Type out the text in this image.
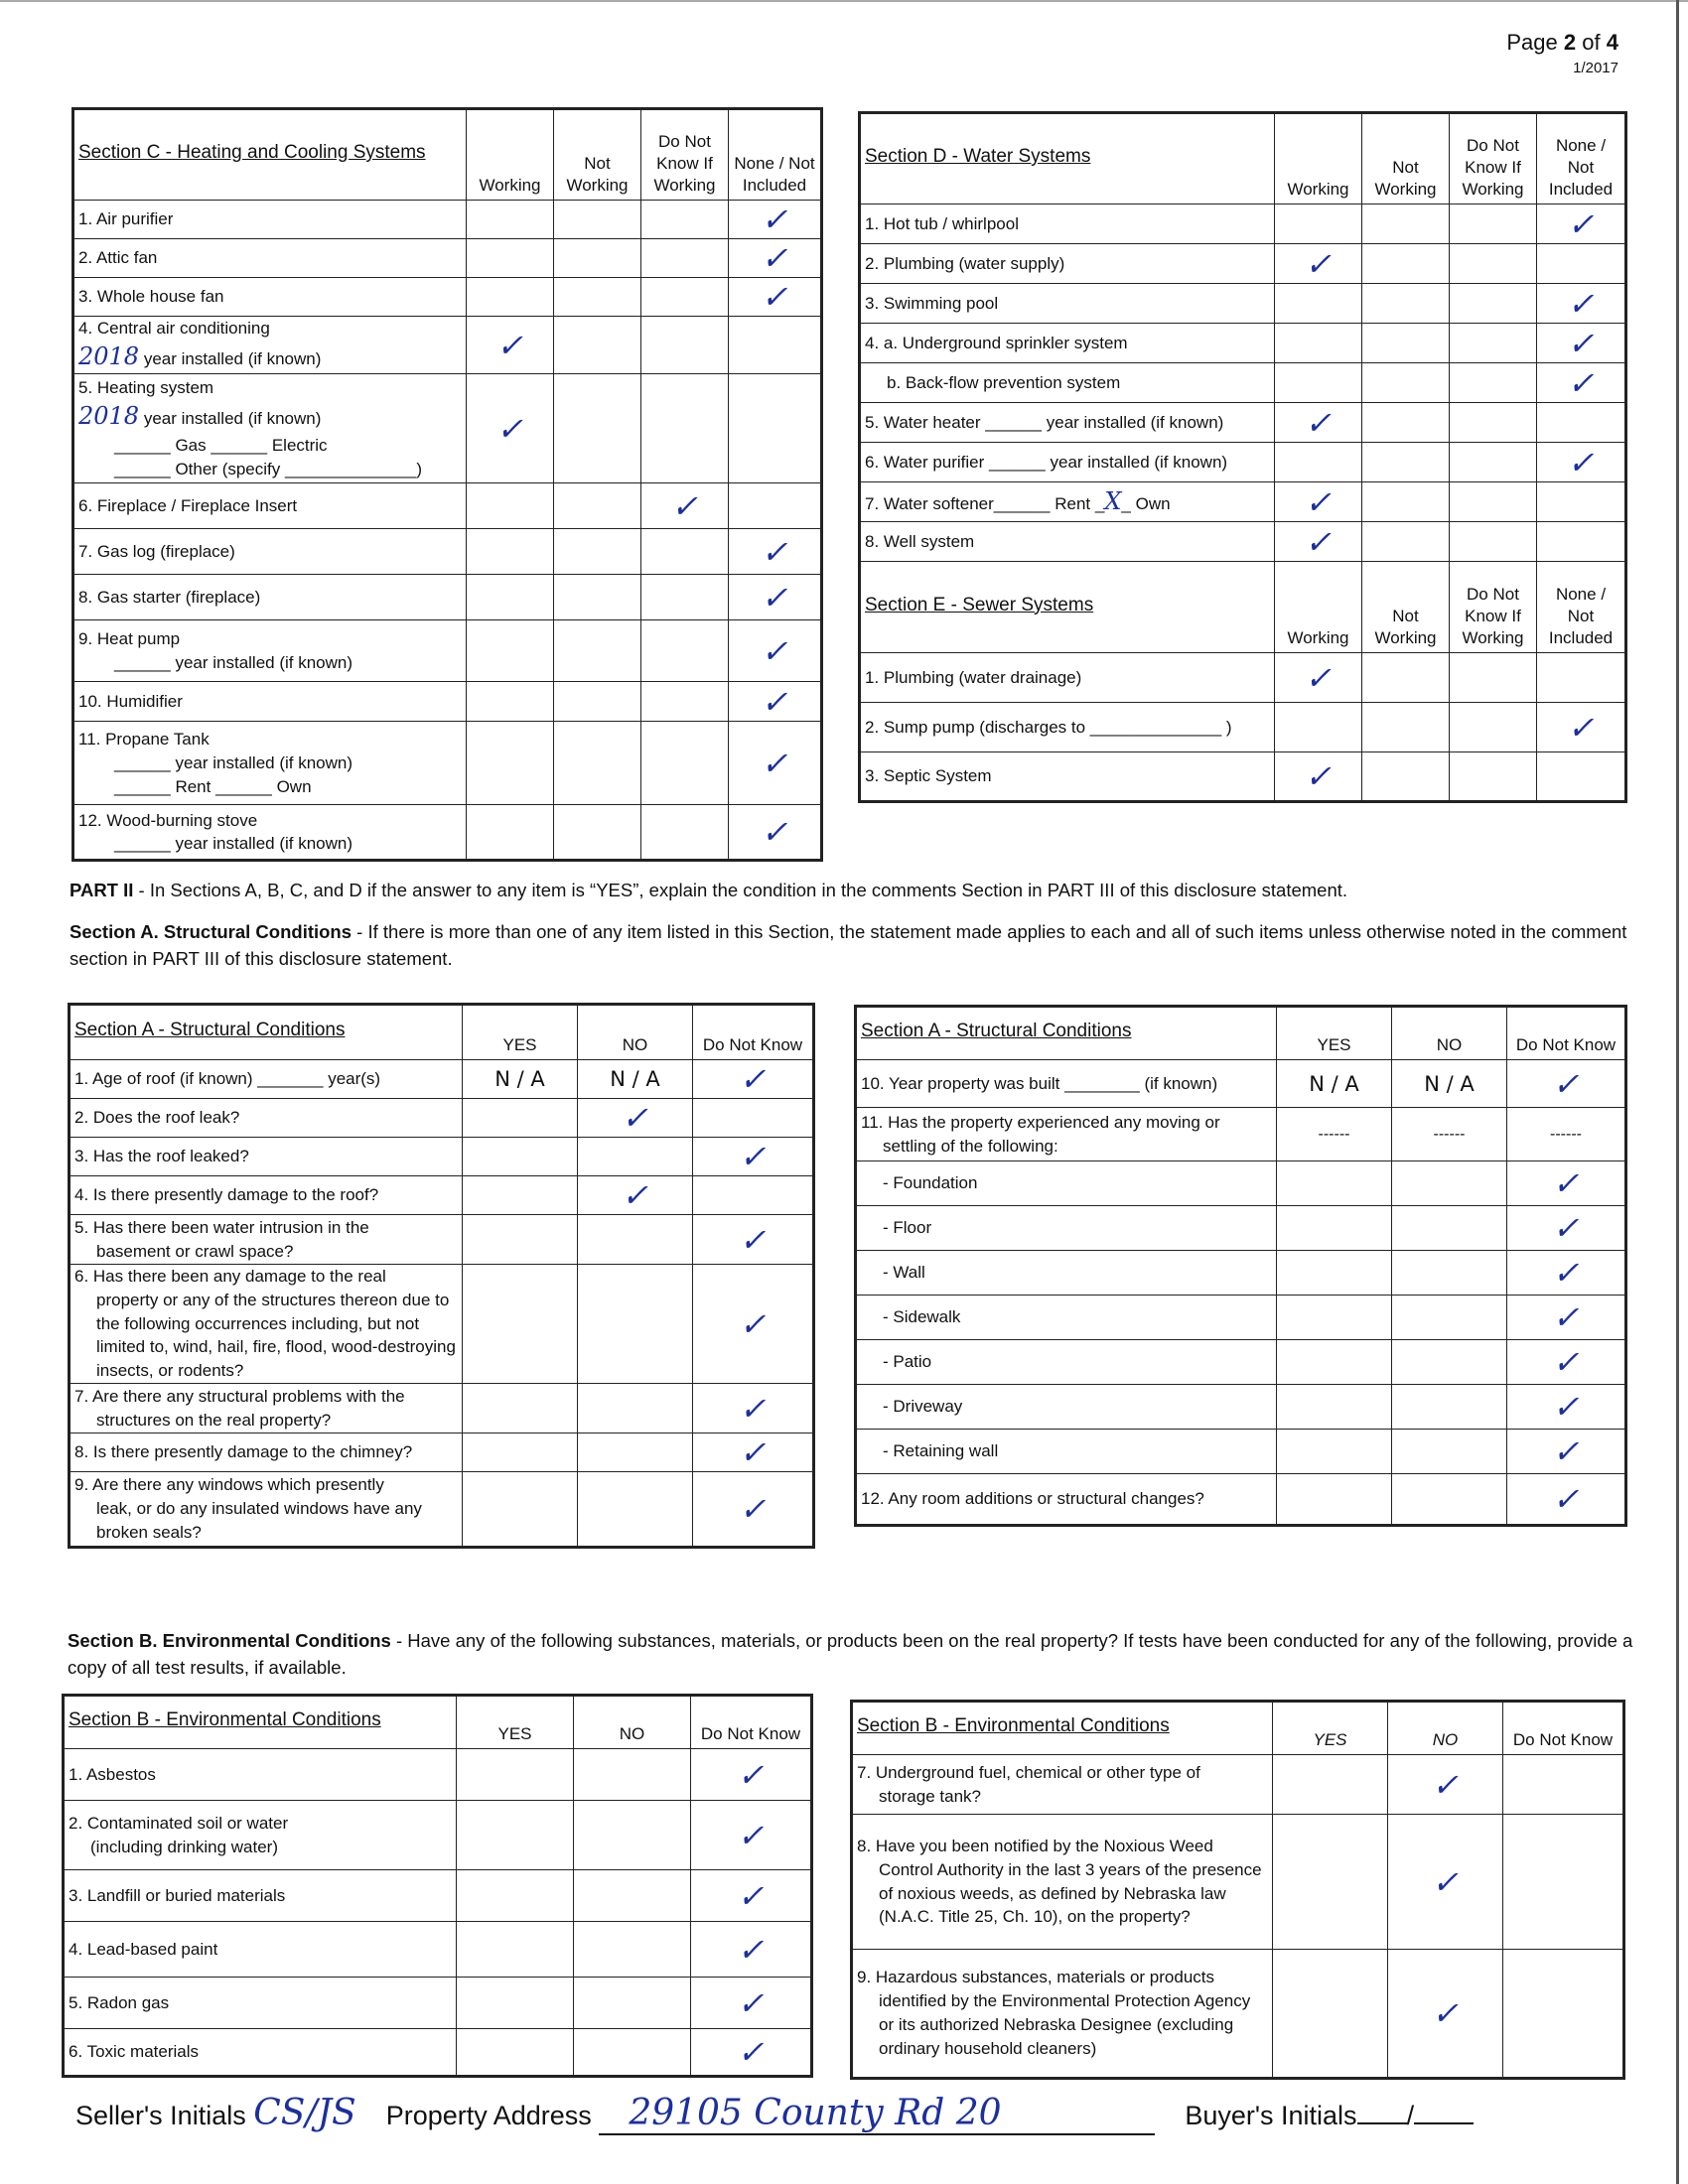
Page 2 of 4
1/2017
Section C - Heating and Cooling Systems	Working	Not Working	Do Not Know If Working	None / Not Included
1. Air purifier				✓
2. Attic fan				✓
3. Whole house fan				✓
4. Central air conditioning
2018 year installed (if known)	✓			
5. Heating system
2018 year installed (if known)

______ Gas ______ Electric
______ Other (specify ______________)	✓			
6. Fireplace / Fireplace Insert			✓	
7. Gas log (fireplace)				✓
8. Gas starter (fireplace)				✓
9. Heat pump

______ year installed (if known)				✓
10. Humidifier				✓
11. Propane Tank

______ year installed (if known)
______ Rent ______ Own				✓
12. Wood-burning stove

______ year installed (if known)				✓
Section D - Water Systems	Working	Not Working	Do Not Know If Working	None / Not Included
1. Hot tub / whirlpool				✓
2. Plumbing (water supply)	✓			
3. Swimming pool				✓
4. a. Underground sprinkler system				✓

b. Back-flow prevention system				✓
5. Water heater ______ year installed (if known)	✓			
6. Water purifier ______ year installed (if known)				✓
7. Water softener______ Rent _X_ Own	✓			
8. Well system	✓			
Section E - Sewer Systems	Working	Not Working	Do Not Know If Working	None / Not Included
1. Plumbing (water drainage)	✓			
2. Sump pump (discharges to ______________ )				✓
3. Septic System	✓			
PART II - In Sections A, B, C, and D if the answer to any item is “YES”, explain the condition in the comments Section in PART III of this disclosure statement.
Section A. Structural Conditions - If there is more than one of any item listed in this Section, the statement made applies to each and all of such items unless otherwise noted in the comment section in PART III of this disclosure statement.
Section A - Structural Conditions	YES	NO	Do Not Know
1. Age of roof (if known) _______ year(s)	N / A	N / A	✓
2. Does the roof leak?		✓	
3. Has the roof leaked?			✓
4. Is there presently damage to the roof?		✓	
5. Has there been water intrusion in the
basement or crawl space?			✓
6. Has there been any damage to the real
property or any of the structures thereon due to the following occurrences including, but not limited to, wind, hail, fire, flood, wood-destroying insects, or rodents?			✓
7. Are there any structural problems with the
structures on the real property?			✓
8. Is there presently damage to the chimney?			✓
9. Are there any windows which presently
leak, or do any insulated windows have any broken seals?			✓
Section A - Structural Conditions	YES	NO	Do Not Know
10. Year property was built ________ (if known)	N / A	N / A	✓
11. Has the property experienced any moving or
settling of the following:	------	------	------

- Foundation			✓

- Floor			✓

- Wall			✓

- Sidewalk			✓

- Patio			✓

- Driveway			✓

- Retaining wall			✓
12. Any room additions or structural changes?			✓
Section B. Environmental Conditions - Have any of the following substances, materials, or products been on the real property? If tests have been conducted for any of the following, provide a copy of all test results, if available.
Section B - Environmental Conditions	YES	NO	Do Not Know
1. Asbestos			✓
2. Contaminated soil or water
(including drinking water)			✓
3. Landfill or buried materials			✓
4. Lead-based paint			✓
5. Radon gas			✓
6. Toxic materials			✓
Section B - Environmental Conditions	YES	NO	Do Not Know
7. Underground fuel, chemical or other type of
storage tank?		✓	
8. Have you been notified by the Noxious Weed
Control Authority in the last 3 years of the presence of noxious weeds, as defined by Nebraska law (N.A.C. Title 25, Ch. 10), on the property?		✓	
9. Hazardous substances, materials or products
identified by the Environmental Protection Agency or its authorized Nebraska Designee (excluding ordinary household cleaners)		✓	
Seller's Initials CS/JS Property Address 29105 County Rd 20	Buyer's Initials /
